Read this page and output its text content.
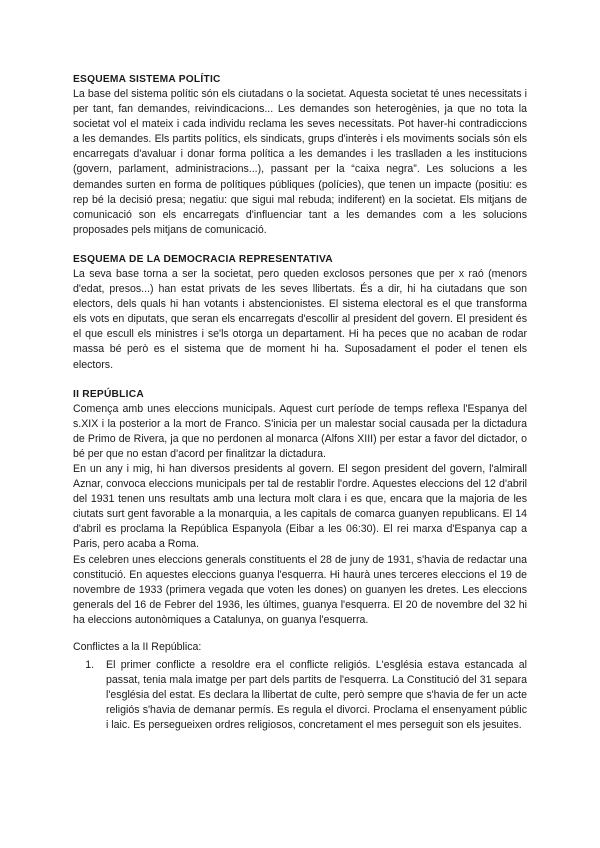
ESQUEMA SISTEMA POLÍTIC

La base del sistema polític són els ciutadans o la societat. Aquesta societat té unes necessitats i per tant, fan demandes, reivindicacions... Les demandes son heterogènies, ja que no tota la societat vol el mateix i cada individu reclama les seves necessitats. Pot haver-hi contradiccions a les demandes. Els partits polítics, els sindicats, grups d'interès i els moviments socials són els encarregats d'avaluar i donar forma política a les demandes i les traslladen a les institucions (govern, parlament, administracions...), passant per la “caixa negra”. Les solucions a les demandes surten en forma de polítiques públiques (polícies), que tenen un impacte (positiu: es rep bé la decisió presa; negatiu: que sigui mal rebuda; indiferent) en la societat. Els mitjans de comunicació son els encarregats d'influenciar tant a les demandes com a les solucions proposades pels mitjans de comunicació.

ESQUEMA DE LA DEMOCRACIA REPRESENTATIVA

La seva base torna a ser la societat, pero queden exclosos persones que per x raó (menors d'edat, presos...) han estat privats de les seves llibertats. És a dir, hi ha ciutadans que son electors, dels quals hi han votants i abstencionistes. El sistema electoral es el que transforma els vots en diputats, que seran els encarregats d'escollir al president del govern. El president és el que escull els ministres i se'ls otorga un departament. Hi ha peces que no acaban de rodar massa bé però es el sistema que de moment hi ha. Suposadament el poder el tenen els electors.

II REPÚBLICA

Comença amb unes eleccions municipals. Aquest curt període de temps reflexa l'Espanya del s.XIX i la posterior a la mort de Franco. S'inicia per un malestar social causada per la dictadura de Primo de Rivera, ja que no perdonen al monarca (Alfons XIII) per estar a favor del dictador, o bé per que no estan d'acord per finalitzar la dictadura.

En un any i mig, hi han diversos presidents al govern. El segon president del govern, l'almirall Aznar, convoca eleccions municipals per tal de restablir l'ordre. Aquestes eleccions del 12 d'abril del 1931 tenen uns resultats amb una lectura molt clara i es que, encara que la majoria de les ciutats surt gent favorable a la monarquia, a les capitals de comarca guanyen republicans. El 14 d'abril es proclama la República Espanyola (Eibar a les 06:30). El rei marxa d'Espanya cap a Paris, pero acaba a Roma.

Es celebren unes eleccions generals constituents el 28 de juny de 1931, s'havia de redactar una constitució. En aquestes eleccions guanya l'esquerra. Hi haurà unes terceres eleccions el 19 de novembre de 1933 (primera vegada que voten les dones) on guanyen les dretes. Les eleccions generals del 16 de Febrer del 1936, les últimes, guanya l'esquerra. El 20 de novembre del 32 hi ha eleccions autonòmiques a Catalunya, on guanya l'esquerra.

Conflictes a la II República:
1. El primer conflicte a resoldre era el conflicte religiós. L'església estava estancada al passat, tenia mala imatge per part dels partits de l'esquerra. La Constitució del 31 separa l'església del estat. Es declara la llibertat de culte, però sempre que s'havia de fer un acte religiós s'havia de demanar permís. Es regula el divorci. Proclama el ensenyament públic i laic. Es persegueixen ordres religiosos, concretament el mes perseguit son els jesuites.
